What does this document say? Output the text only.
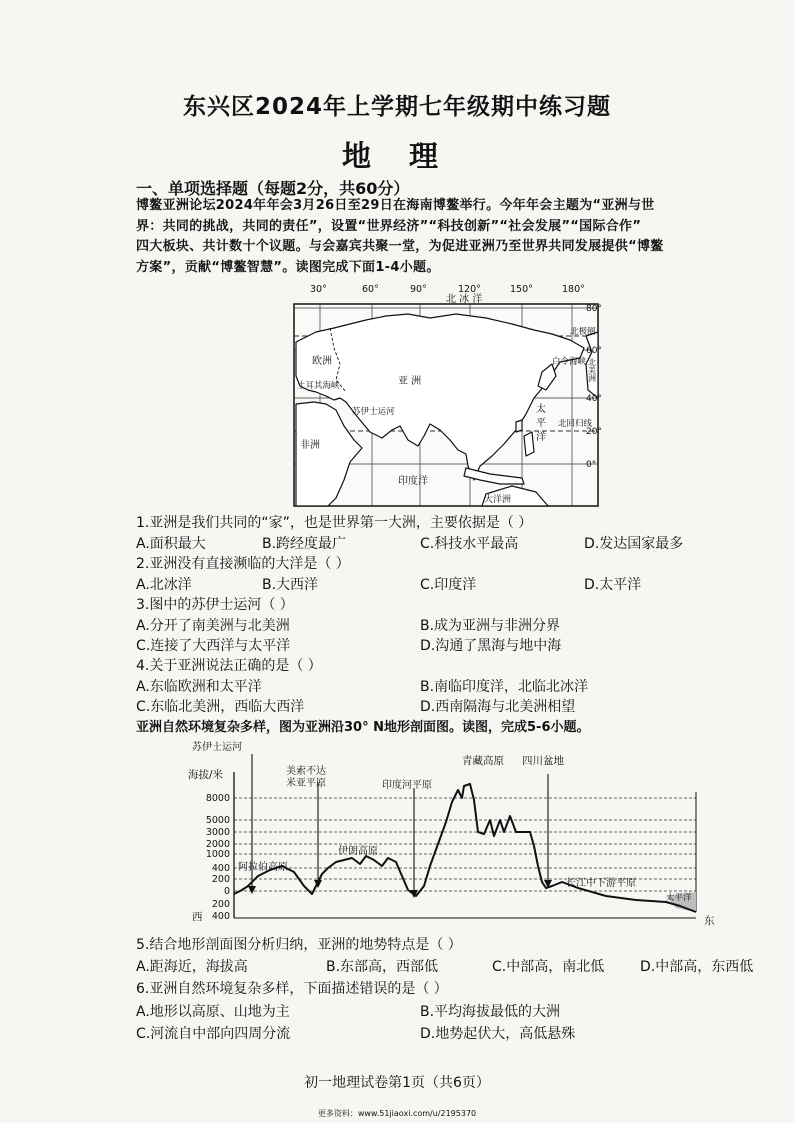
东兴区2024年上学期七年级期中练习题
地 理
一、单项选择题（每题2分，共60分）
博鳌亚洲论坛2024年年会3月26日至29日在海南博鳌举行。今年年会主题为“亚洲与世
界：共同的挑战，共同的责任”，设置“世界经济”“科技创新”“社会发展”“国际合作”
四大板块、共计数十个议题。与会嘉宾共聚一堂，为促进亚洲乃至世界共同发展提供“博鳌
方案”，贡献“博鳌智慧”。读图完成下面1-4小题。
30°	60°	90°	120°	150°	180°
80°
60°
40°
20°
0°
北 冰 洋
欧洲
亚 洲
土耳其海峡
苏伊士运河
非洲
太
平
洋
北回归线
北极圈
白令海峡
印度洋
大洋洲
北美洲
1.亚洲是我们共同的“家”，也是世界第一大洲，主要依据是（ ）
A.面积最大	B.跨经度最广	C.科技水平最高	D.发达国家最多
2.亚洲没有直接濒临的大洋是（ ）
A.北冰洋	B.大西洋	C.印度洋	D.太平洋
3.图中的苏伊士运河（ ）
A.分开了南美洲与北美洲	B.成为亚洲与非洲分界
C.连接了大西洋与太平洋	D.沟通了黑海与地中海
4.关于亚洲说法正确的是（ ）
A.东临欧洲和太平洋	B.南临印度洋，北临北冰洋
C.东临北美洲，西临大西洋	D.西南隔海与北美洲相望
亚洲自然环境复杂多样，图为亚洲沿30° N地形剖面图。读图，完成5-6小题。
8000
5000
3000
2000
1000
400
200
0
200
400
海拔/米
苏伊士运河
美索不达
米亚平原	印度河平原
青藏高原 四川盆地
阿拉伯高原
伊朗高原
长江中下游平原
太平洋
西	东
5.结合地形剖面图分析归纳，亚洲的地势特点是（ ）
A.距海近，海拔高	B.东部高，西部低	C.中部高，南北低	D.中部高，东西低
6.亚洲自然环境复杂多样，下面描述错误的是（ ）
A.地形以高原、山地为主	B.平均海拔最低的大洲
C.河流自中部向四周分流	D.地势起伏大，高低悬殊
初一地理试卷第1页（共6页）
更多资料：www.51jiaoxi.com/u/2195370
